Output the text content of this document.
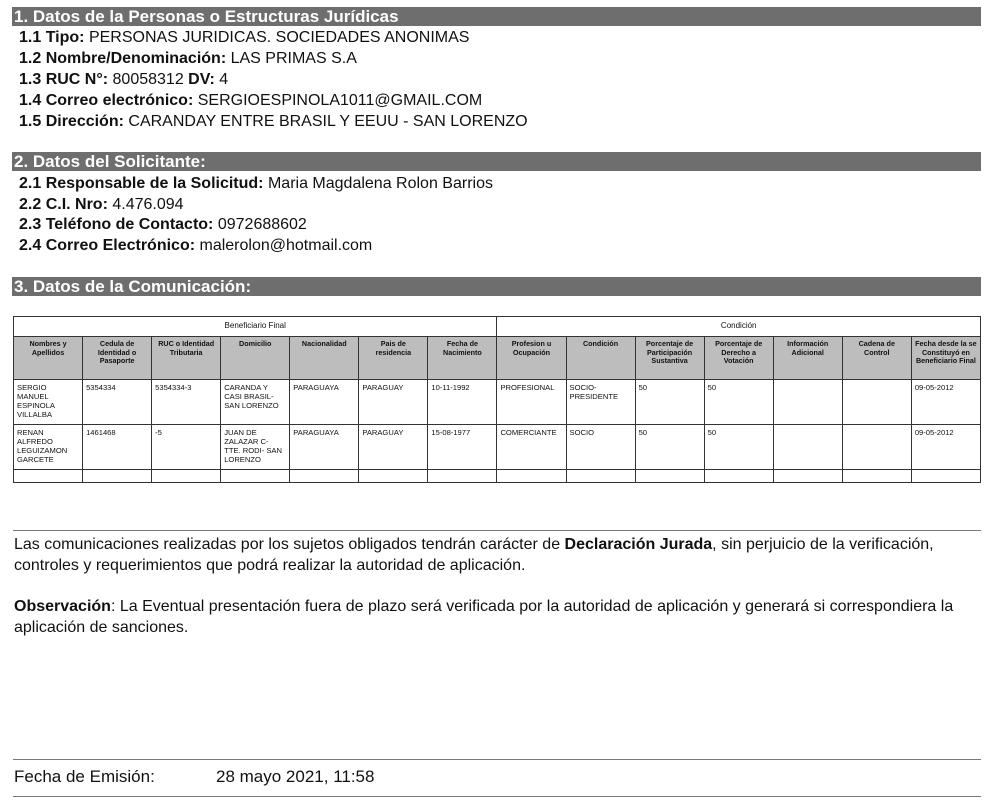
1. Datos de la Personas o Estructuras Jurídicas
1.1 Tipo: PERSONAS JURIDICAS. SOCIEDADES ANONIMAS
1.2 Nombre/Denominación: LAS PRIMAS S.A
1.3 RUC N°: 80058312 DV: 4
1.4 Correo electrónico: SERGIOESPINOLA1011@GMAIL.COM
1.5 Dirección: CARANDAY ENTRE BRASIL Y EEUU - SAN LORENZO
2. Datos del Solicitante:
2.1 Responsable de la Solicitud: Maria Magdalena Rolon Barrios
2.2 C.I. Nro: 4.476.094
2.3 Teléfono de Contacto: 0972688602
2.4 Correo Electrónico: malerolon@hotmail.com
3. Datos de la Comunicación:
Beneficiario Final							Condición						
Nombres y Apellidos	Cedula de Identidad o Pasaporte	RUC o Identidad Tributaria	Domicilio	Nacionalidad	Pais de residencia	Fecha de Nacimiento	Profesion u Ocupación	Condición	Porcentaje de Participación Sustantiva	Porcentaje de Derecho a Votación	Información Adicional	Cadena de Control	Fecha desde la se Constituyó en Beneficiario Final
SERGIO MANUEL ESPINOLA VILLALBA	5354334	5354334-3	CARANDA Y CASI BRASIL- SAN LORENZO	PARAGUAYA	PARAGUAY	10-11-1992	PROFESIONAL	SOCIO-PRESIDENTE	50	50			09-05-2012
RENAN ALFREDO LEGUIZAMON GARCETE	1461468	-5	JUAN DE ZALAZAR C- TTE. RODI- SAN LORENZO	PARAGUAYA	PARAGUAY	15-08-1977	COMERCIANTE	SOCIO	50	50			09-05-2012

Las comunicaciones realizadas por los sujetos obligados tendrán carácter de Declaración Jurada, sin perjuicio de la verificación, controles y requerimientos que podrá realizar la autoridad de aplicación.
Observación: La Eventual presentación fuera de plazo será verificada por la autoridad de aplicación y generará si correspondiera la aplicación de sanciones.
Fecha de Emisión:	28 mayo 2021, 11:58
